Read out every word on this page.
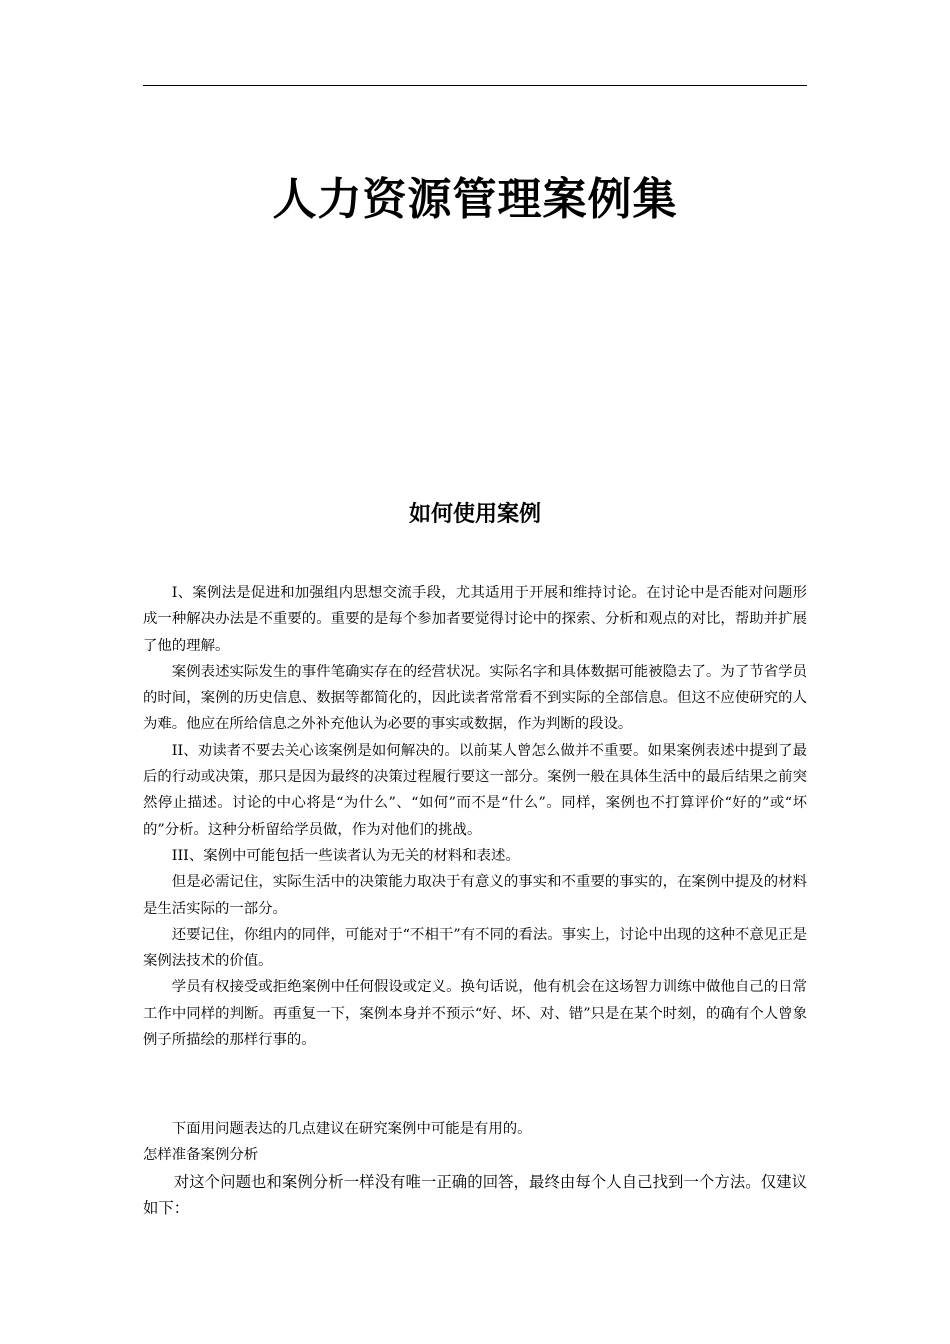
人力资源管理案例集
如何使用案例

I、案例法是促进和加强组内思想交流手段，尤其适用于开展和维持讨论。在讨论中是否能对问题形成一种解决办法是不重要的。重要的是每个参加者要觉得讨论中的探索、分析和观点的对比，帮助并扩展了他的理解。

案例表述实际发生的事件笔确实存在的经营状况。实际名字和具体数据可能被隐去了。为了节省学员的时间，案例的历史信息、数据等都简化的，因此读者常常看不到实际的全部信息。但这不应使研究的人为难。他应在所给信息之外补充他认为必要的事实或数据，作为判断的段设。

II、劝读者不要去关心该案例是如何解决的。以前某人曾怎么做并不重要。如果案例表述中提到了最后的行动或决策，那只是因为最终的决策过程履行要这一部分。案例一般在具体生活中的最后结果之前突然停止描述。讨论的中心将是“为什么”、“如何”而不是“什么”。同样，案例也不打算评价“好的”或“坏的”分析。这种分析留给学员做，作为对他们的挑战。

III、案例中可能包括一些读者认为无关的材料和表述。

但是必需记住，实际生活中的决策能力取决于有意义的事实和不重要的事实的，在案例中提及的材料是生活实际的一部分。

还要记住，你组内的同伴，可能对于“不相干”有不同的看法。事实上，讨论中出现的这种不意见正是案例法技术的价值。

学员有权接受或拒绝案例中任何假设或定义。换句话说，他有机会在这场智力训练中做他自己的日常工作中同样的判断。再重复一下，案例本身并不预示“好、坏、对、错”只是在某个时刻，的确有个人曾象例子所描绘的那样行事的。

下面用问题表达的几点建议在研究案例中可能是有用的。

怎样准备案例分析

对这个问题也和案例分析一样没有唯一正确的回答，最终由每个人自己找到一个方法。仅建议如下：
